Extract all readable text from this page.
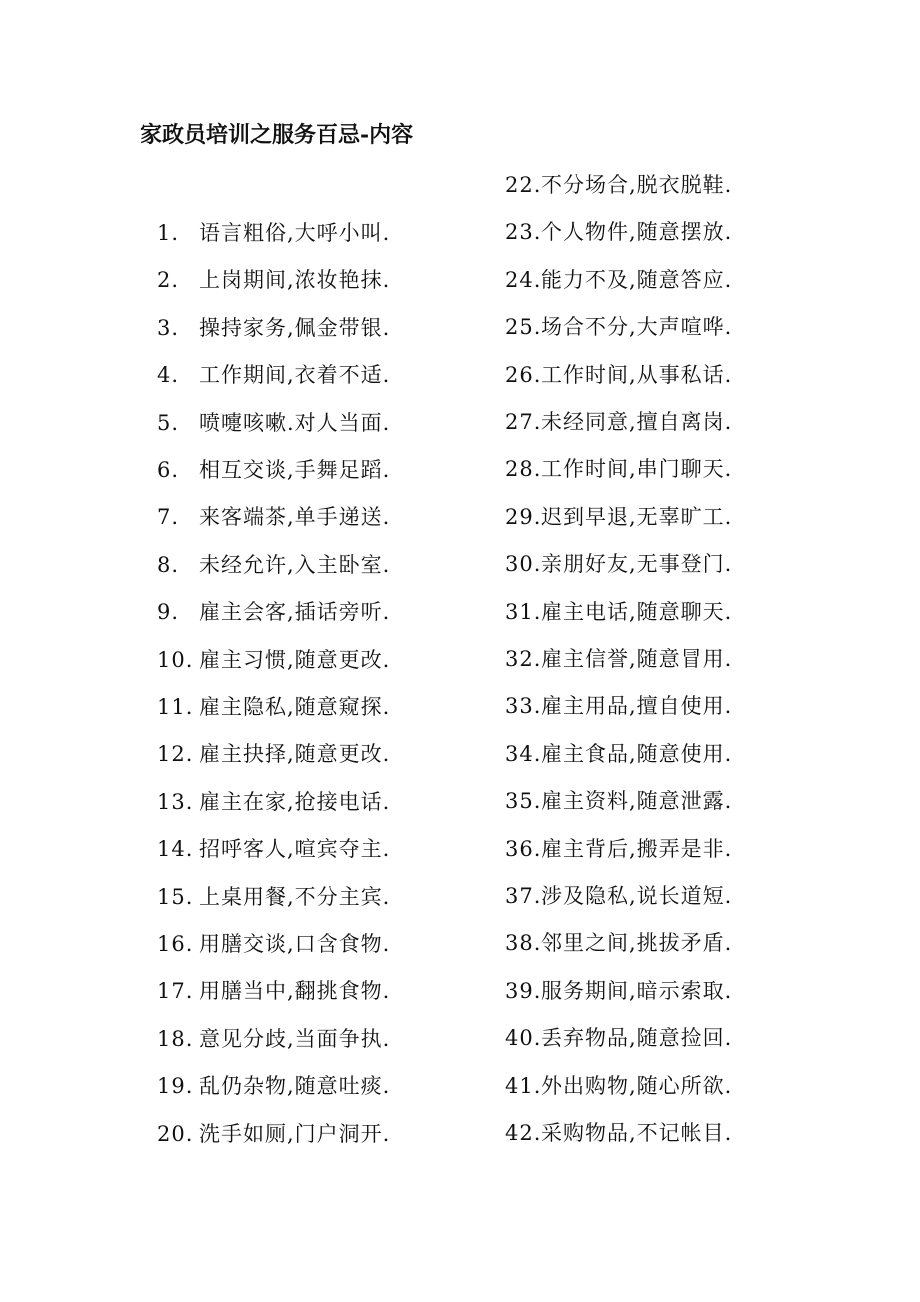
家政员培训之服务百忌-内容
1. 语言粗俗,大呼小叫.
2. 上岗期间,浓妆艳抹.
3. 操持家务,佩金带银.
4. 工作期间,衣着不适.
5. 喷嚏咳嗽.对人当面.
6. 相互交谈,手舞足蹈.
7. 来客端茶,单手递送.
8. 未经允许,入主卧室.
9. 雇主会客,插话旁听.
10. 雇主习惯,随意更改.
11. 雇主隐私,随意窥探.
12. 雇主抉择,随意更改.
13. 雇主在家,抢接电话.
14. 招呼客人,喧宾夺主.
15. 上桌用餐,不分主宾.
16. 用膳交谈,口含食物.
17. 用膳当中,翻挑食物.
18. 意见分歧,当面争执.
19. 乱仍杂物,随意吐痰.
20. 洗手如厕,门户洞开.
22.不分场合,脱衣脱鞋.
23.个人物件,随意摆放.
24.能力不及,随意答应.
25.场合不分,大声喧哗.
26.工作时间,从事私话.
27.未经同意,擅自离岗.
28.工作时间,串门聊天.
29.迟到早退,无辜旷工.
30.亲朋好友,无事登门.
31.雇主电话,随意聊天.
32.雇主信誉,随意冒用.
33.雇主用品,擅自使用.
34.雇主食品,随意使用.
35.雇主资料,随意泄露.
36.雇主背后,搬弄是非.
37.涉及隐私,说长道短.
38.邻里之间,挑拔矛盾.
39.服务期间,暗示索取.
40.丢弃物品,随意捡回.
41.外出购物,随心所欲.
42.采购物品,不记帐目.
